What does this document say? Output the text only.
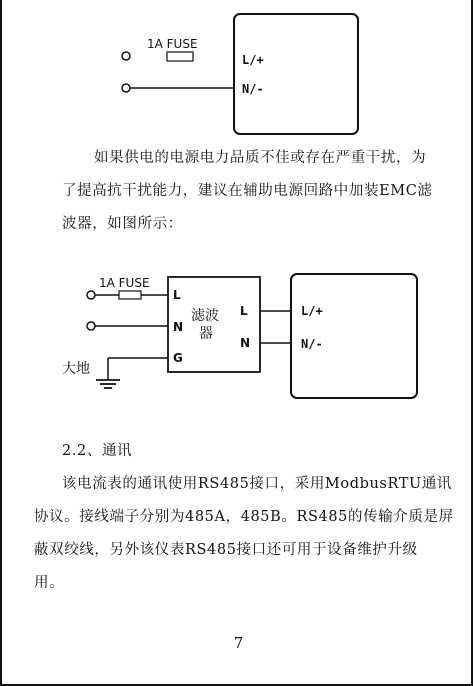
1A FUSE
L/+
N/-
1A FUSE
L
N
G
滤波
器
L
N
L/+
N/-
大地
如果供电的电源电力品质不佳或存在严重干扰，为
了提高抗干扰能力，建议在辅助电源回路中加装EMC滤
波器，如图所示：
2.2、通讯
该电流表的通讯使用RS485接口，采用ModbusRTU通讯
协议。接线端子分别为485A，485B。RS485的传输介质是屏
蔽双绞线，另外该仪表RS485接口还可用于设备维护升级
用。
7
